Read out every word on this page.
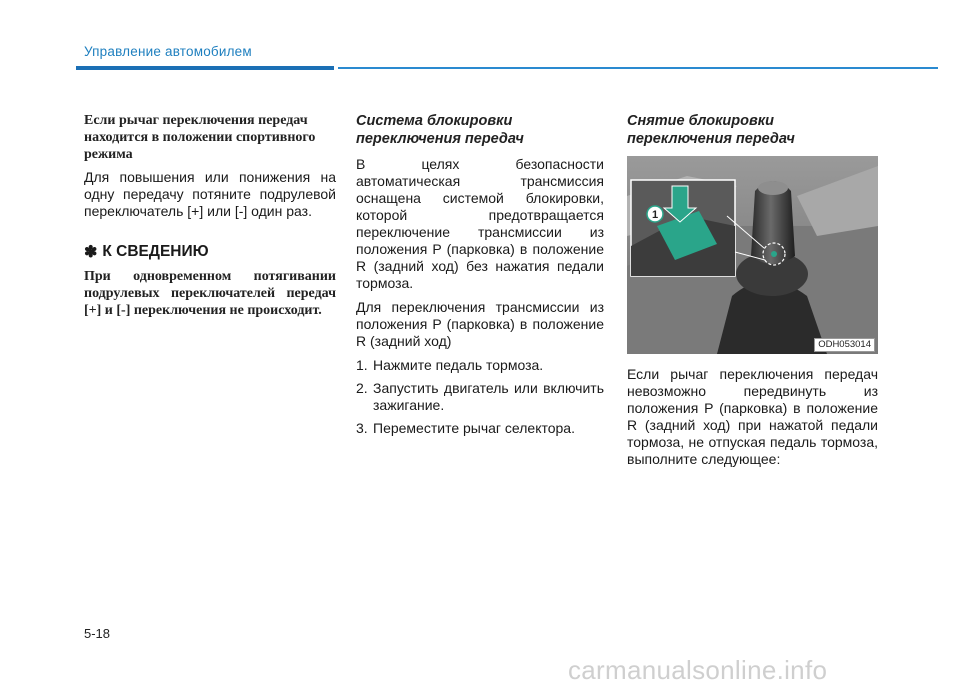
Управление автомобилем

Если рычаг переключения передач находится в положении спортивного режима

Для повышения или понижения на одну передачу потяните подрулевой переключатель [+] или [-] один раз.

✽ К СВЕДЕНИЮ

При одновременном потягивании подрулевых переключателей передач [+] и [-] переключения не происходит.

Система блокировки переключения передач

В целях безопасности автоматическая трансмиссия оснащена системой блокировки, которой предотвращается переключение трансмиссии из положения P (парковка) в положение R (задний ход) без нажатия педали тормоза.

Для переключения трансмиссии из положения P (парковка) в положение R (задний ход)

1. Нажмите педаль тормоза.
2. Запустить двигатель или включить зажигание.
3. Переместите рычаг селектора.

Снятие блокировки переключения передач

1
ODH053014

Если рычаг переключения передач невозможно передвинуть из положения P (парковка) в положение R (задний ход) при нажатой педали тормоза, не отпуская педаль тормоза, выполните следующее:

5-18
carmanualsonline.info
